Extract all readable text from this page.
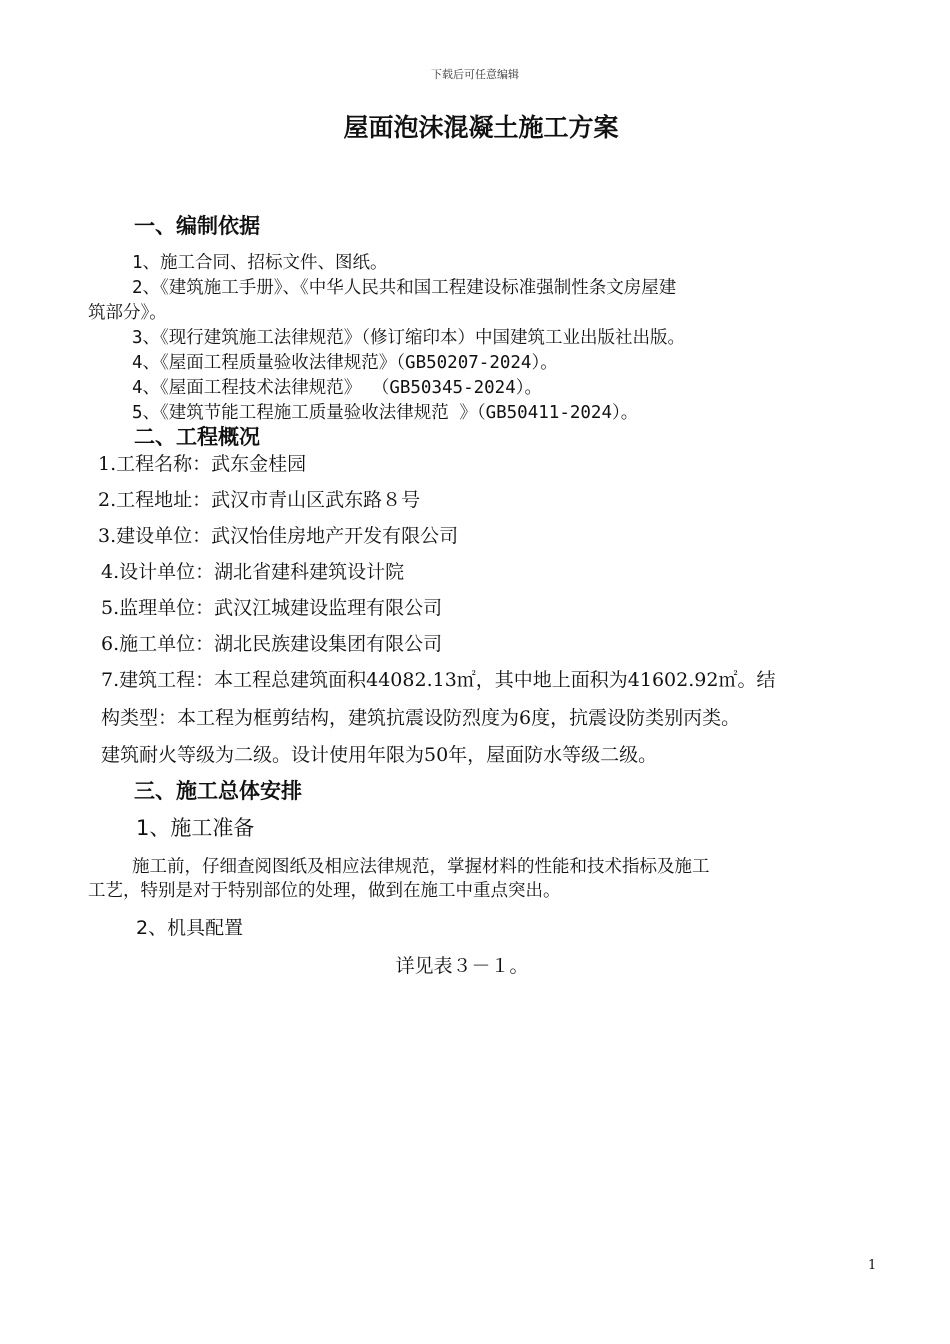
下载后可任意编辑
屋面泡沫混凝土施工方案
一、编制依据
1、施工合同、招标文件、图纸。
2、《建筑施工手册》、《中华人民共和国工程建设标准强制性条文房屋建
筑部分》。
3、《现行建筑施工法律规范》（修订缩印本）中国建筑工业出版社出版。
4、《屋面工程质量验收法律规范》（GB50207-2024）。
4、《屋面工程技术法律规范》 （GB50345-2024）。
5、《建筑节能工程施工质量验收法律规范 》（GB50411-2024）。
二、工程概况
1.工程名称：武东金桂园
2.工程地址：武汉市青山区武东路８号
3.建设单位：武汉怡佳房地产开发有限公司
4.设计单位：湖北省建科建筑设计院
5.监理单位：武汉江城建设监理有限公司
6.施工单位：湖北民族建设集团有限公司
7.建筑工程：本工程总建筑面积44082.13㎡，其中地上面积为41602.92㎡。结
构类型：本工程为框剪结构，建筑抗震设防烈度为6度，抗震设防类别丙类。
建筑耐火等级为二级。设计使用年限为50年，屋面防水等级二级。
三、施工总体安排
1、施工准备
施工前，仔细查阅图纸及相应法律规范，掌握材料的性能和技术指标及施工
工艺，特别是对于特别部位的处理，做到在施工中重点突出。
2、机具配置
详见表３－１。
1
